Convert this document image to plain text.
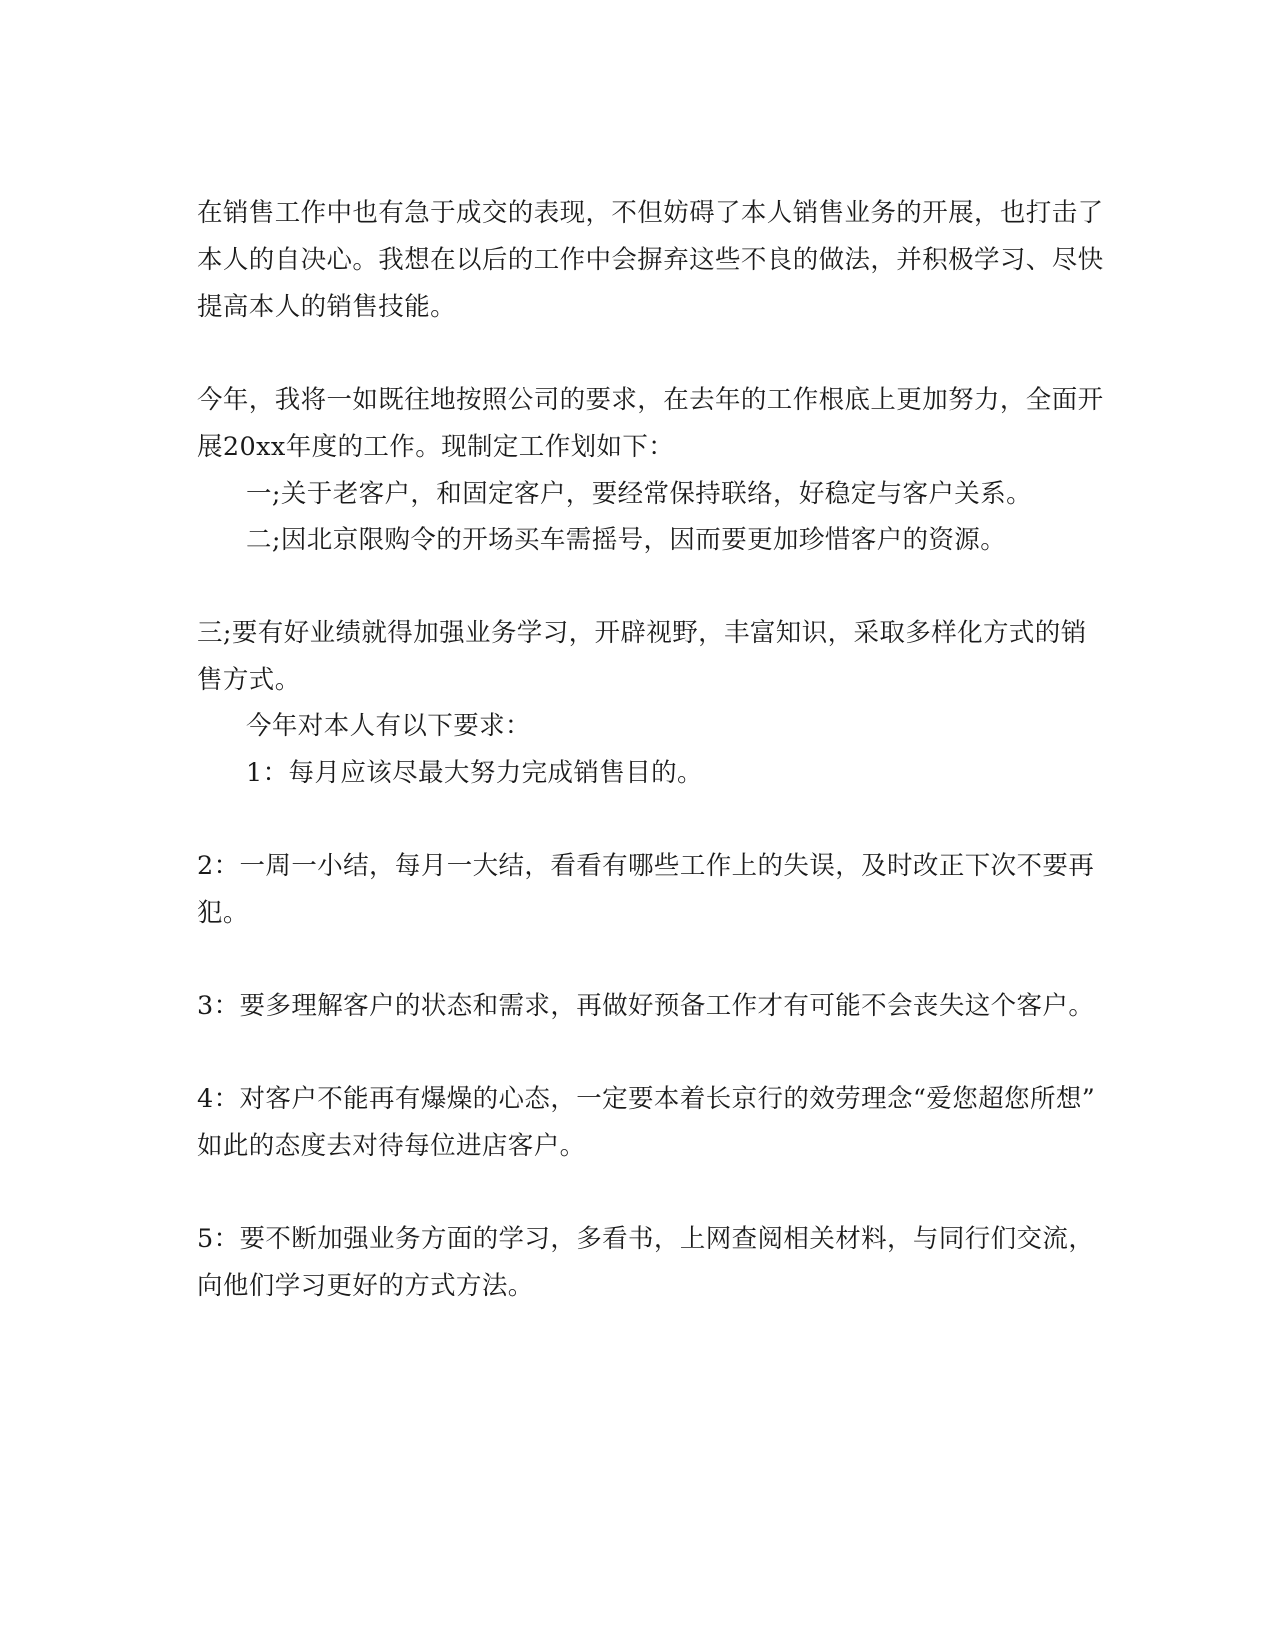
在销售工作中也有急于成交的表现，不但妨碍了本人销售业务的开展，也打击了
本人的自决心。我想在以后的工作中会摒弃这些不良的做法，并积极学习、尽快
提高本人的销售技能。
今年，我将一如既往地按照公司的要求，在去年的工作根底上更加努力，全面开
展20xx年度的工作。现制定工作划如下：
一;关于老客户，和固定客户，要经常保持联络，好稳定与客户关系。
二;因北京限购令的开场买车需摇号，因而要更加珍惜客户的资源。
三;要有好业绩就得加强业务学习，开辟视野，丰富知识，采取多样化方式的销
售方式。
今年对本人有以下要求：
1：每月应该尽最大努力完成销售目的。
2：一周一小结，每月一大结，看看有哪些工作上的失误，及时改正下次不要再
犯。
3：要多理解客户的状态和需求，再做好预备工作才有可能不会丧失这个客户。
4：对客户不能再有爆燥的心态，一定要本着长京行的效劳理念“爱您超您所想”
如此的态度去对待每位进店客户。
5：要不断加强业务方面的学习，多看书，上网查阅相关材料，与同行们交流，
向他们学习更好的方式方法。
